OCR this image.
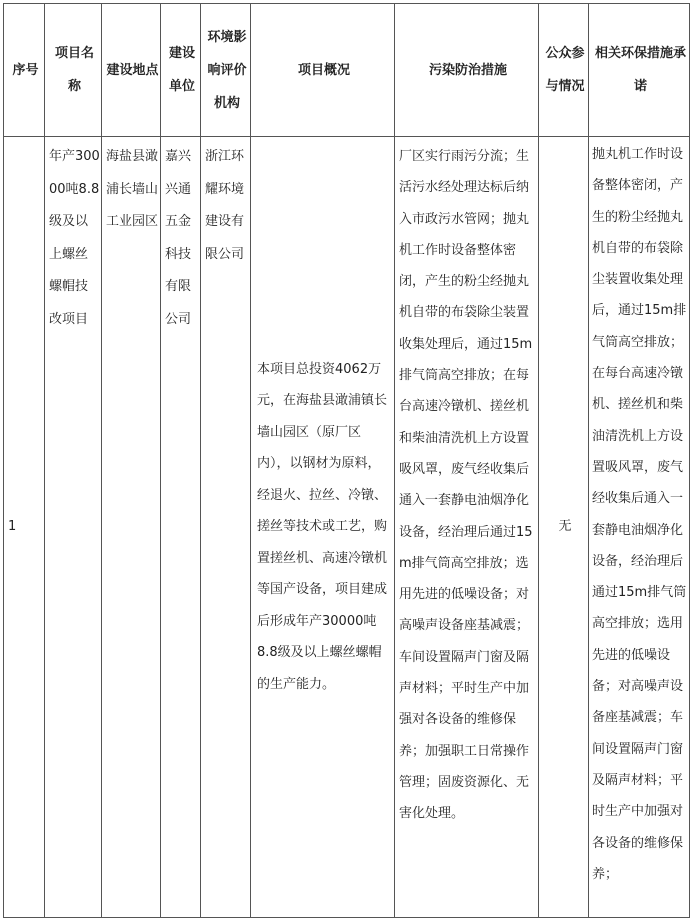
序号	项目名称	建设地点	建设单位	环境影响评价机构	项目概况	污染防治措施	公众参与情况	相关环保措施承诺

1	年产30000吨8.8级及以上螺丝螺帽技改项目	海盐县澉浦长墙山工业园区	嘉兴兴通五金科技有限公司	浙江环耀环境建设有限公司	本项目总投资4062万元，在海盐县澉浦镇长墙山园区（原厂区内），以钢材为原料，经退火、拉丝、冷镦、搓丝等技术或工艺，购置搓丝机、高速冷镦机等国产设备，项目建成后形成年产30000吨8.8级及以上螺丝螺帽的生产能力。	厂区实行雨污分流；生活污水经处理达标后纳入市政污水管网；抛丸机工作时设备整体密闭，产生的粉尘经抛丸机自带的布袋除尘装置收集处理后，通过15m排气筒高空排放；在每台高速冷镦机、搓丝机和柴油清洗机上方设置吸风罩，废气经收集后通入一套静电油烟净化设备，经治理后通过15m排气筒高空排放；选用先进的低噪设备；对高噪声设备座基减震；车间设置隔声门窗及隔声材料；平时生产中加强对各设备的维修保养；加强职工日常操作管理；固废资源化、无害化处理。	无	抛丸机工作时设备整体密闭，产生的粉尘经抛丸机自带的布袋除尘装置收集处理后，通过15m排气筒高空排放；在每台高速冷镦机、搓丝机和柴油清洗机上方设置吸风罩，废气经收集后通入一套静电油烟净化设备，经治理后通过15m排气筒高空排放；选用先进的低噪设备；对高噪声设备座基减震；车间设置隔声门窗及隔声材料；平时生产中加强对各设备的维修保养；
